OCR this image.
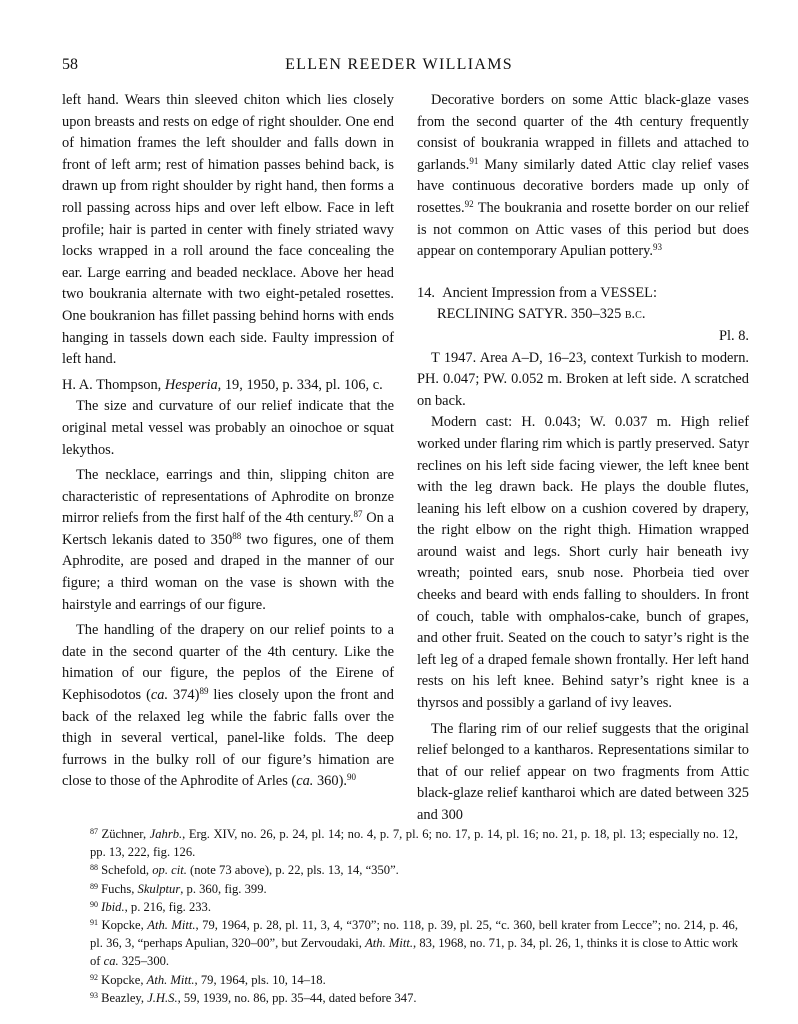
58	ELLEN REEDER WILLIAMS

left hand. Wears thin sleeved chiton which lies closely upon breasts and rests on edge of right shoulder. One end of himation frames the left shoulder and falls down in front of left arm; rest of himation passes behind back, is drawn up from right shoulder by right hand, then forms a roll passing across hips and over left elbow. Face in left profile; hair is parted in center with finely striated wavy locks wrapped in a roll around the face concealing the ear. Large earring and beaded necklace. Above her head two boukrania alternate with two eight-petaled rosettes. One boukranion has fillet passing behind horns with ends hanging in tassels down each side. Faulty impression of left hand.

H. A. Thompson, Hesperia, 19, 1950, p. 334, pl. 106, c.

The size and curvature of our relief indicate that the original metal vessel was probably an oinochoe or squat lekythos.

The necklace, earrings and thin, slipping chiton are characteristic of representations of Aphrodite on bronze mirror reliefs from the first half of the 4th century.$^{87}$ On a Kertsch lekanis dated to $350^{88}$ two figures, one of them Aphrodite, are posed and draped in the manner of our figure; a third woman on the vase is shown with the hairstyle and earrings of our figure.

The handling of the drapery on our relief points to a date in the second quarter of the 4th century. Like the himation of our figure, the peplos of the Eirene of Kephisodotos (ca. 374)$^{89}$ lies closely upon the front and back of the relaxed leg while the fabric falls over the thigh in several vertical, panel-like folds. The deep furrows in the bulky roll of our figure’s himation are close to those of the Aphrodite of Arles (ca. 360).$^{90}$

Decorative borders on some Attic black-glaze vases from the second quarter of the 4th century frequently consist of boukrania wrapped in fillets and attached to garlands.$^{91}$ Many similarly dated Attic clay relief vases have continuous decorative borders made up only of rosettes.$^{92}$ The boukrania and rosette border on our relief is not common on Attic vases of this period but does appear on contemporary Apulian pottery.$^{93}$

14. Ancient Impression from a VESSEL:
RECLINING SATYR. 350–325 b.c.
Pl. 8.

T 1947. Area A–D, 16–23, context Turkish to modern. PH. 0.047; PW. 0.052 m. Broken at left side. Λ scratched on back.

Modern cast: H. 0.043; W. 0.037 m. High relief worked under flaring rim which is partly preserved. Satyr reclines on his left side facing viewer, the left knee bent with the leg drawn back. He plays the double flutes, leaning his left elbow on a cushion covered by drapery, the right elbow on the right thigh. Himation wrapped around waist and legs. Short curly hair beneath ivy wreath; pointed ears, snub nose. Phorbeia tied over cheeks and beard with ends falling to shoulders. In front of couch, table with omphalos-cake, bunch of grapes, and other fruit. Seated on the couch to satyr’s right is the left leg of a draped female shown frontally. Her left hand rests on his left knee. Behind satyr’s right knee is a thyrsos and possibly a garland of ivy leaves.

The flaring rim of our relief suggests that the original relief belonged to a kantharos. Representations similar to that of our relief appear on two fragments from Attic black-glaze relief kantharoi which are dated between 325 and 300

$^{87}$ Züchner, Jahrb., Erg. XIV, no. 26, p. 24, pl. 14; no. 4, p. 7, pl. 6; no. 17, p. 14, pl. 16; no. 21, p. 18, pl. 13; especially no. 12, pp. 13, 222, fig. 126.

$^{88}$ Schefold, op. cit. (note 73 above), p. 22, pls. 13, 14, “350”.

$^{89}$ Fuchs, Skulptur, p. 360, fig. 399.

$^{90}$ Ibid., p. 216, fig. 233.

$^{91}$ Kopcke, Ath. Mitt., 79, 1964, p. 28, pl. 11, 3, 4, “370”; no. 118, p. 39, pl. 25, “c. 360, bell krater from Lecce”; no. 214, p. 46, pl. 36, 3, “perhaps Apulian, 320–00”, but Zervoudaki, Ath. Mitt., 83, 1968, no. 71, p. 34, pl. 26, 1, thinks it is close to Attic work of ca. 325–300.

$^{92}$ Kopcke, Ath. Mitt., 79, 1964, pls. 10, 14–18.

$^{93}$ Beazley, J.H.S., 59, 1939, no. 86, pp. 35–44, dated before 347.
